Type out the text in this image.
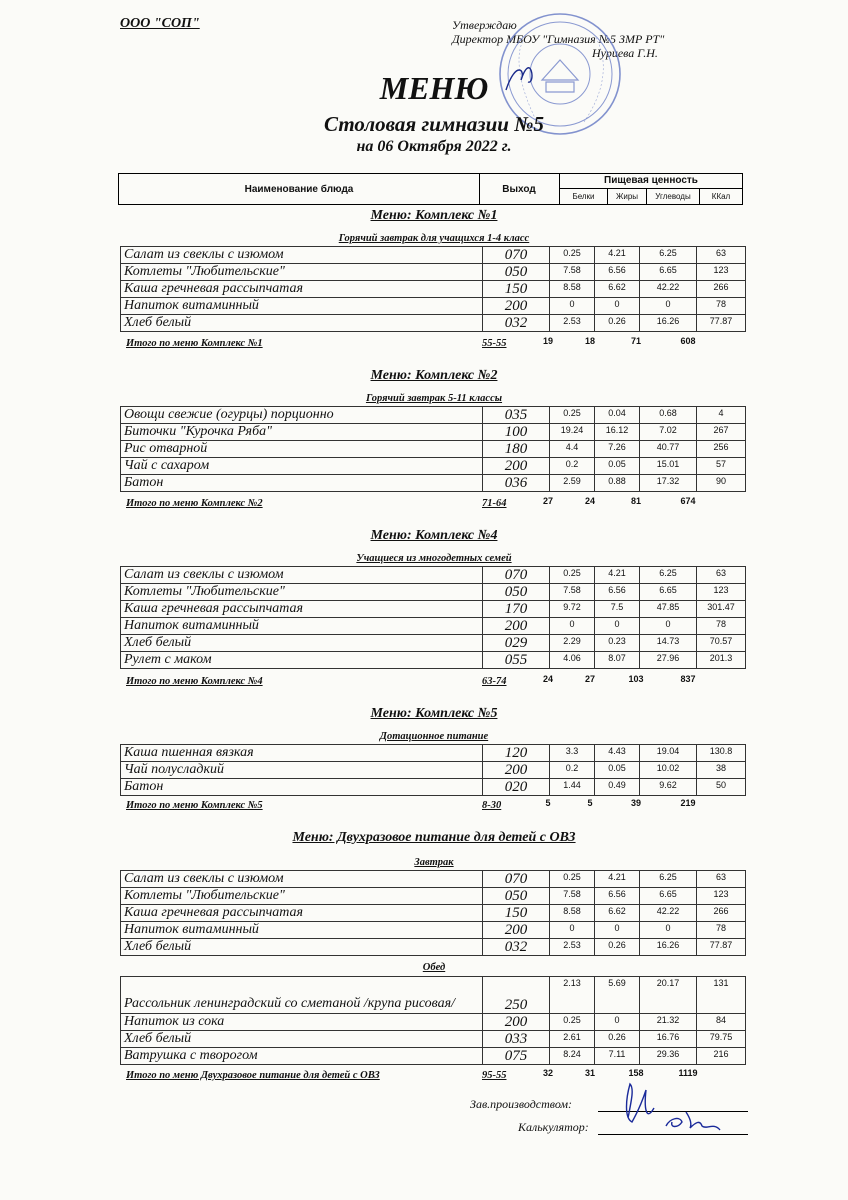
ООО "СОП"	Утверждаю
Директор МБОУ "Гимназия №5 ЗМР РТ"
Нуриева Г.Н.
МЕНЮ
Столовая гимназии №5
на 06 Октября 2022 г.
Наименование блюда	Выход
Пищевая ценность
Белки	Жиры	Углеводы	ККал
Меню: Комплекс №1
Горячий завтрак для учащихся 1-4 класс
Салат из свеклы с изюмом	070	0.25	4.21	6.25	63
Котлеты "Любительские"	050	7.58	6.56	6.65	123
Каша гречневая рассыпчатая	150	8.58	6.62	42.22	266
Напиток витаминный	200	0	0	0	78
Хлеб белый	032	2.53	0.26	16.26	77.87
Итого по меню Комплекс №1	55-55	19	18	71	608
Меню: Комплекс №2
Горячий завтрак 5-11 классы
Овощи свежие (огурцы) порционно	035	0.25	0.04	0.68	4
Биточки "Курочка Ряба"	100	19.24	16.12	7.02	267
Рис отварной	180	4.4	7.26	40.77	256
Чай с сахаром	200	0.2	0.05	15.01	57
Батон	036	2.59	0.88	17.32	90
Итого по меню Комплекс №2	71-64	27	24	81	674
Меню: Комплекс №4
Учащиеся из многодетных семей
Салат из свеклы с изюмом	070	0.25	4.21	6.25	63
Котлеты "Любительские"	050	7.58	6.56	6.65	123
Каша гречневая рассыпчатая	170	9.72	7.5	47.85	301.47
Напиток витаминный	200	0	0	0	78
Хлеб белый	029	2.29	0.23	14.73	70.57
Рулет с маком	055	4.06	8.07	27.96	201.3
Итого по меню Комплекс №4	63-74	24	27	103	837
Меню: Комплекс №5
Дотационное питание
Каша пшенная вязкая	120	3.3	4.43	19.04	130.8
Чай полусладкий	200	0.2	0.05	10.02	38
Батон	020	1.44	0.49	9.62	50
Итого по меню Комплекс №5	8-30	5	5	39	219
Меню: Двухразовое питание для детей с ОВЗ
Завтрак
Салат из свеклы с изюмом	070	0.25	4.21	6.25	63
Котлеты "Любительские"	050	7.58	6.56	6.65	123
Каша гречневая рассыпчатая	150	8.58	6.62	42.22	266
Напиток витаминный	200	0	0	0	78
Хлеб белый	032	2.53	0.26	16.26	77.87
Обед
Рассольник ленинградский со сметаной /крупа рисовая/	250	2.13	5.69	20.17	131
Напиток из сока	200	0.25	0	21.32	84
Хлеб белый	033	2.61	0.26	16.76	79.75
Ватрушка с творогом	075	8.24	7.11	29.36	216
Итого по меню Двухразовое питание для детей с ОВЗ	95-55	32	31	158	1119
Зав.производством:
Калькулятор:
